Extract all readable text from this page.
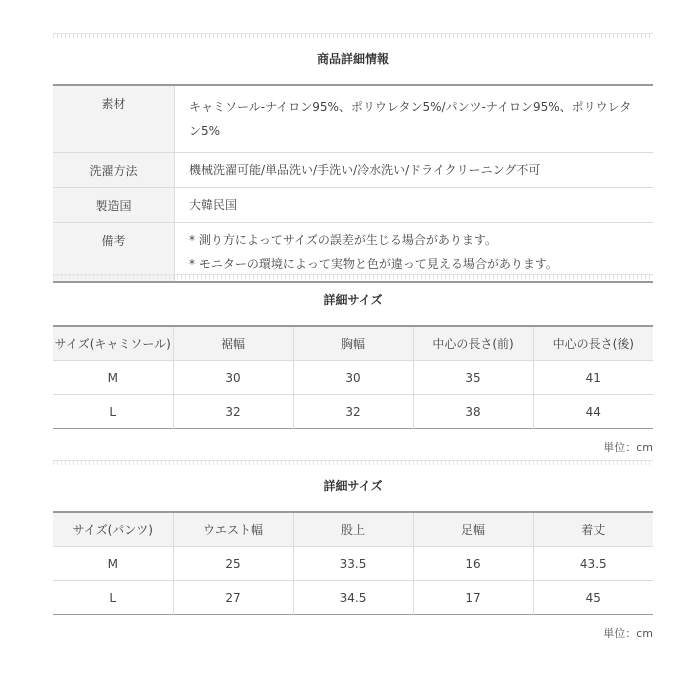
商品詳細情報
素材	キャミソール-ナイロン95%、ポリウレタン5%/パンツ-ナイロン95%、ポリウレタン5%
洗濯方法	機械洗濯可能/単品洗い/手洗い/冷水洗い/ドライクリーニング不可
製造国	大韓民国
備考	* 測り方によってサイズの誤差が生じる場合があります。
* モニターの環境によって実物と色が違って見える場合があります。
詳細サイズ
サイズ(キャミソール)	裾幅	胸幅	中心の長さ(前)	中心の長さ(後)
M	30	30	35	41
L	32	32	38	44
単位：cm
詳細サイズ
サイズ(パンツ)	ウエスト幅	股上	足幅	着丈
M	25	33.5	16	43.5
L	27	34.5	17	45
単位：cm
